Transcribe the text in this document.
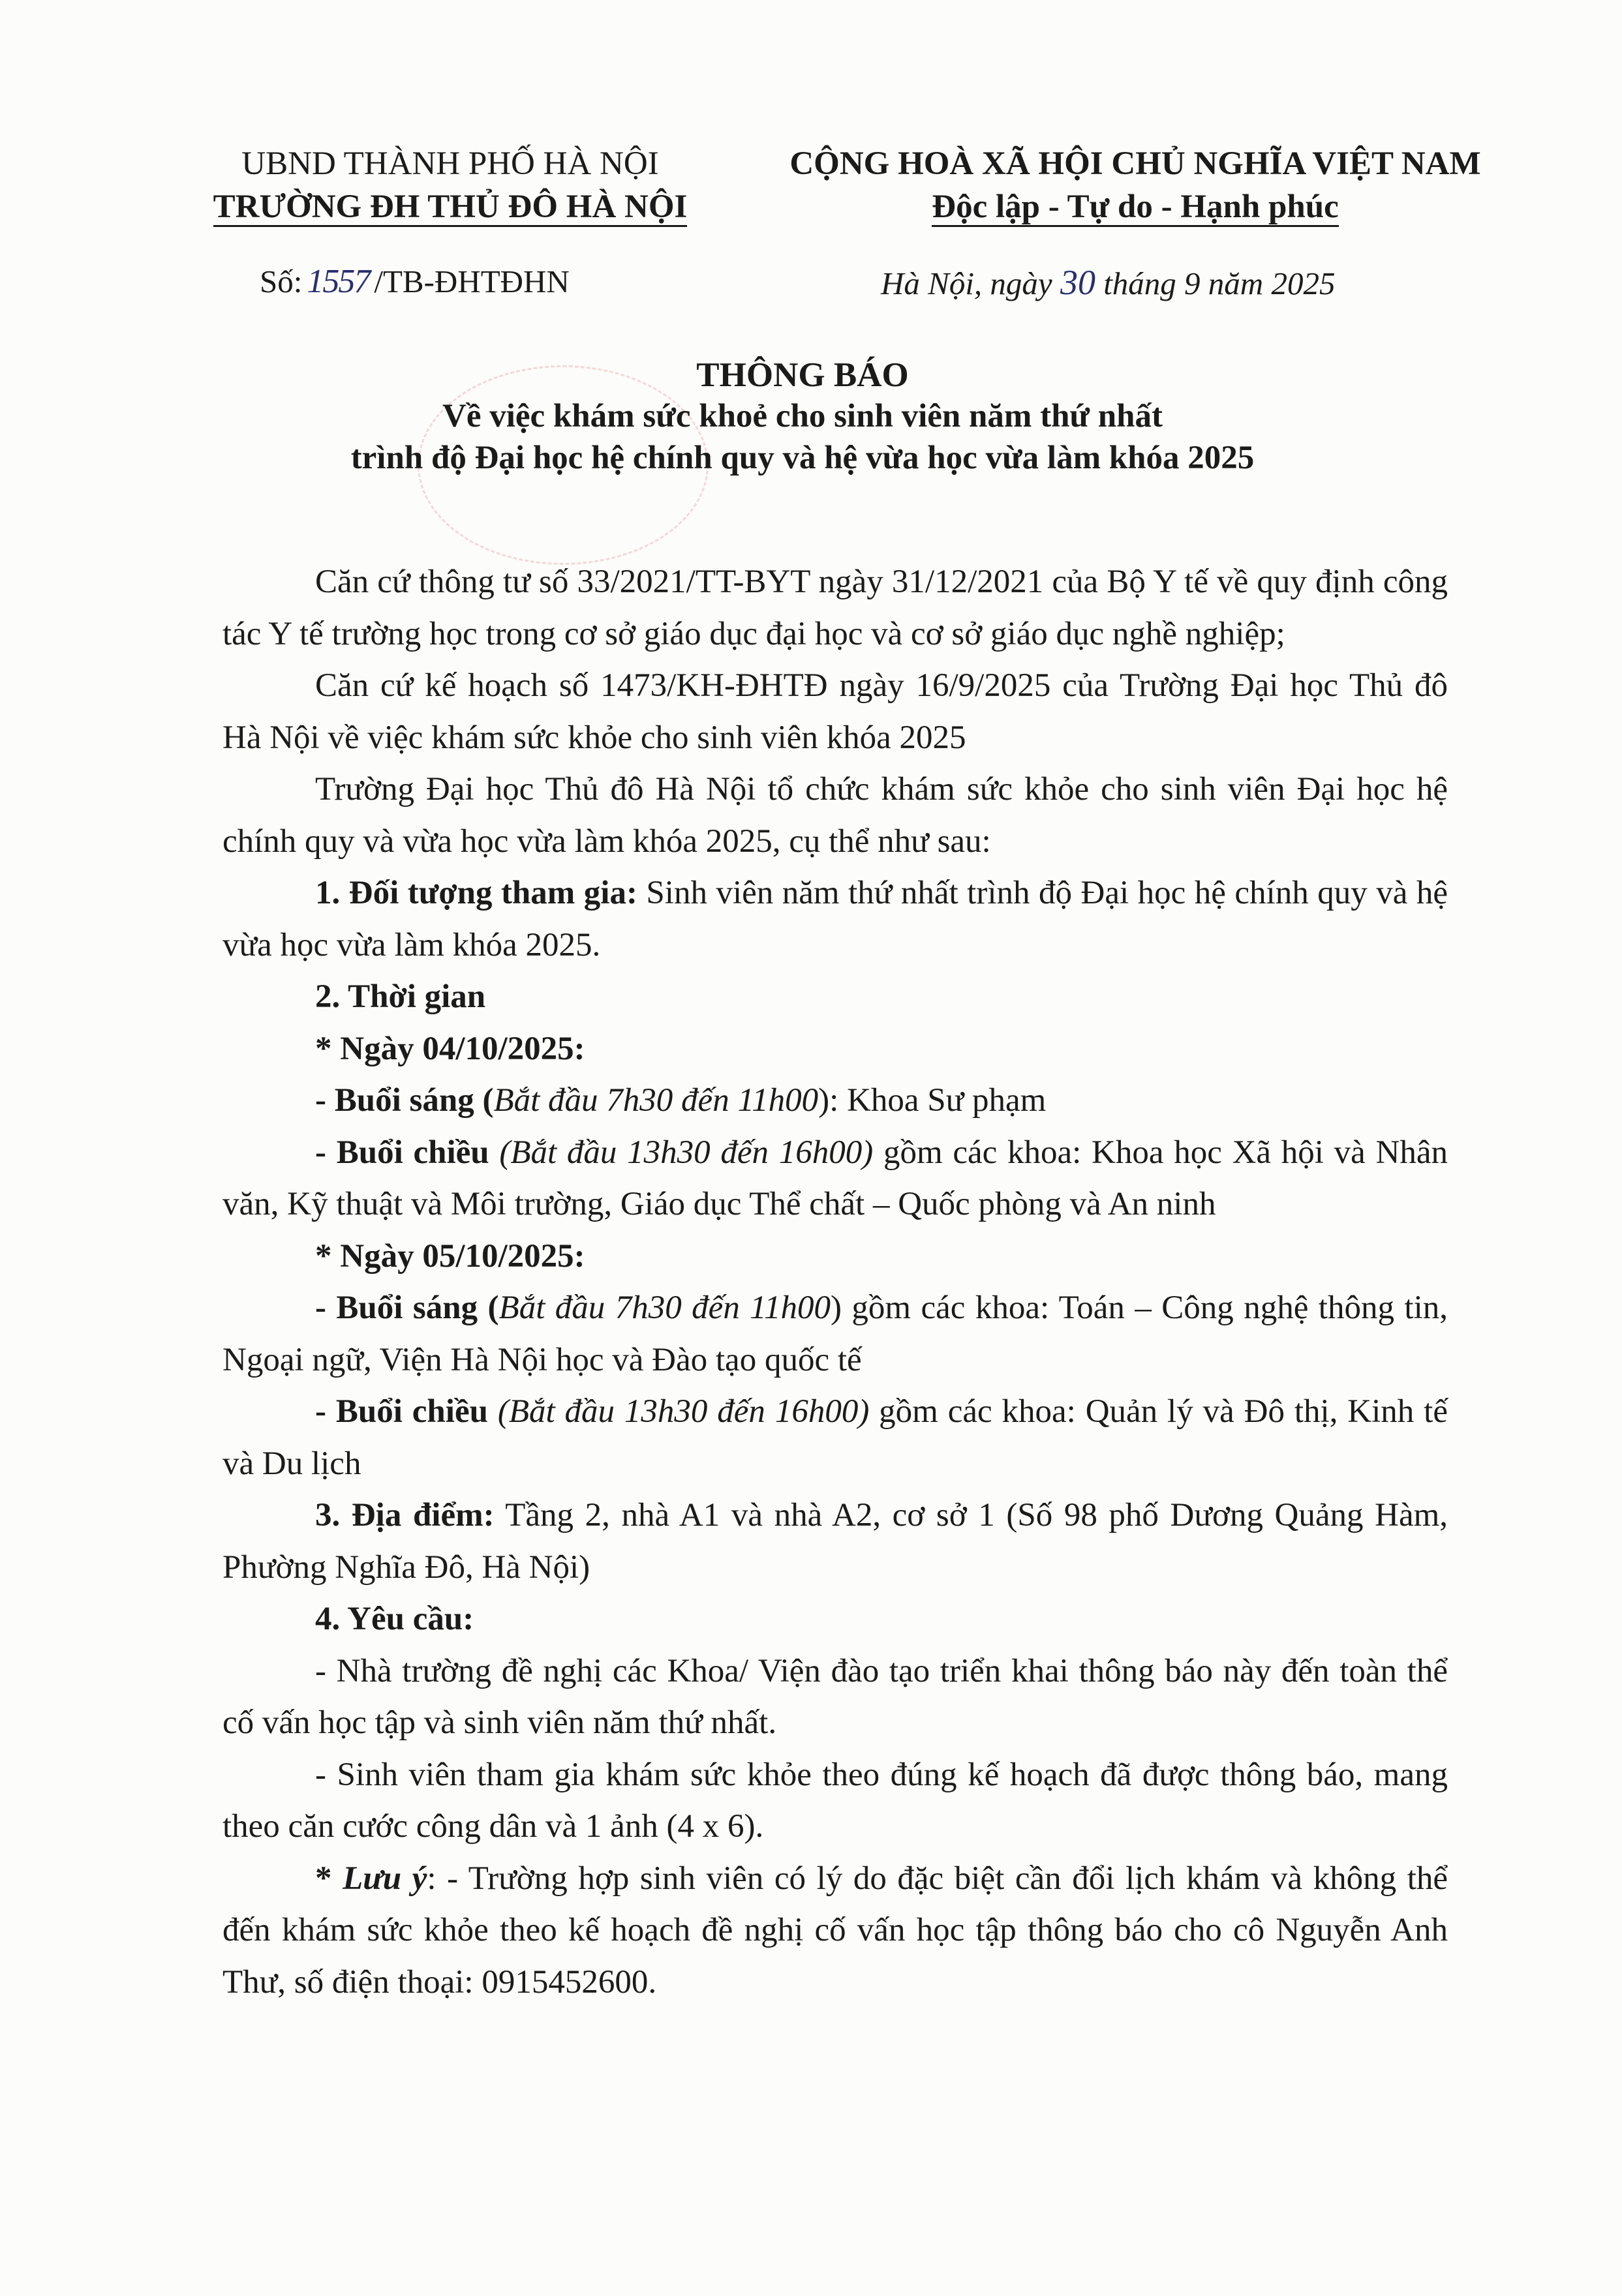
UBND THÀNH PHỐ HÀ NỘI
TRƯỜNG ĐH THỦ ĐÔ HÀ NỘI
CỘNG HOÀ XÃ HỘI CHỦ NGHĨA VIỆT NAM
Độc lập - Tự do - Hạnh phúc
Số: 1557 /TB-ĐHTĐHN	Hà Nội, ngày 30 tháng 9 năm 2025
THÔNG BÁO
Về việc khám sức khoẻ cho sinh viên năm thứ nhất
trình độ Đại học hệ chính quy và hệ vừa học vừa làm khóa 2025

Căn cứ thông tư số 33/2021/TT-BYT ngày 31/12/2021 của Bộ Y tế về quy định công tác Y tế trường học trong cơ sở giáo dục đại học và cơ sở giáo dục nghề nghiệp;

Căn cứ kế hoạch số 1473/KH-ĐHTĐ ngày 16/9/2025 của Trường Đại học Thủ đô Hà Nội về việc khám sức khỏe cho sinh viên khóa 2025

Trường Đại học Thủ đô Hà Nội tổ chức khám sức khỏe cho sinh viên Đại học hệ chính quy và vừa học vừa làm khóa 2025, cụ thể như sau:

1. Đối tượng tham gia: Sinh viên năm thứ nhất trình độ Đại học hệ chính quy và hệ vừa học vừa làm khóa 2025.

2. Thời gian

* Ngày 04/10/2025:

- Buổi sáng (Bắt đầu 7h30 đến 11h00): Khoa Sư phạm

- Buổi chiều (Bắt đầu 13h30 đến 16h00) gồm các khoa: Khoa học Xã hội và Nhân văn, Kỹ thuật và Môi trường, Giáo dục Thể chất – Quốc phòng và An ninh

* Ngày 05/10/2025:

- Buổi sáng (Bắt đầu 7h30 đến 11h00) gồm các khoa: Toán – Công nghệ thông tin, Ngoại ngữ, Viện Hà Nội học và Đào tạo quốc tế

- Buổi chiều (Bắt đầu 13h30 đến 16h00) gồm các khoa: Quản lý và Đô thị, Kinh tế và Du lịch

3. Địa điểm: Tầng 2, nhà A1 và nhà A2, cơ sở 1 (Số 98 phố Dương Quảng Hàm, Phường Nghĩa Đô, Hà Nội)

4. Yêu cầu:

- Nhà trường đề nghị các Khoa/ Viện đào tạo triển khai thông báo này đến toàn thể cố vấn học tập và sinh viên năm thứ nhất.

- Sinh viên tham gia khám sức khỏe theo đúng kế hoạch đã được thông báo, mang theo căn cước công dân và 1 ảnh (4 x 6).

* Lưu ý: - Trường hợp sinh viên có lý do đặc biệt cần đổi lịch khám và không thể đến khám sức khỏe theo kế hoạch đề nghị cố vấn học tập thông báo cho cô Nguyễn Anh Thư, số điện thoại: 0915452600.
